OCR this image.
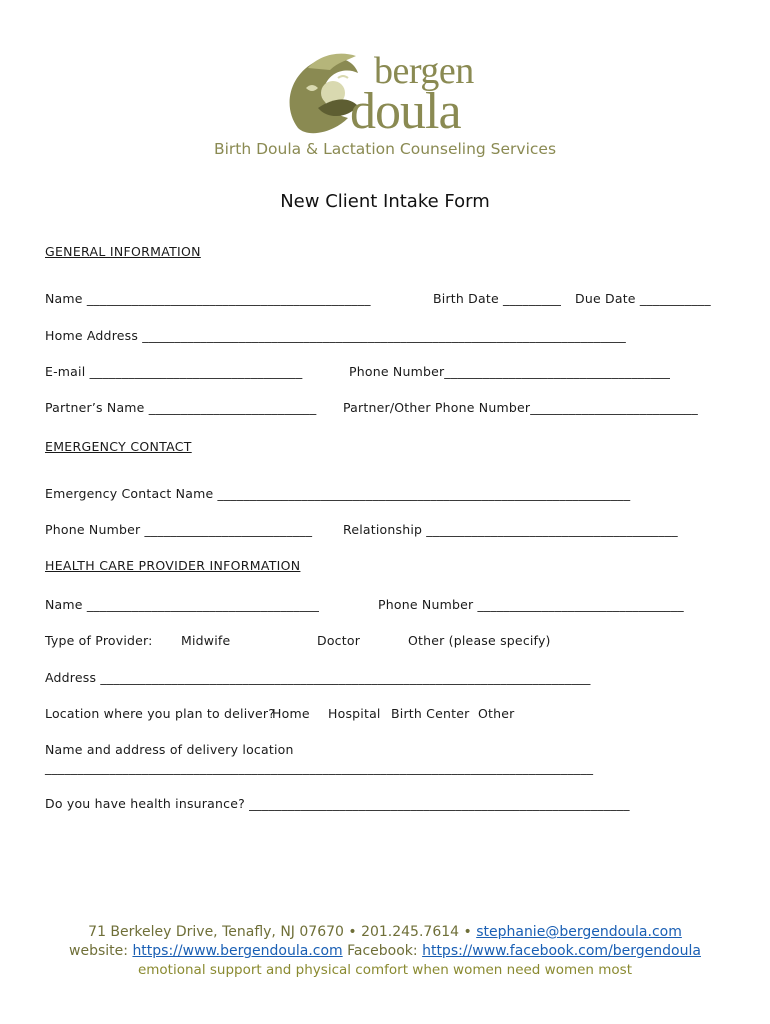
bergen
doula
Birth Doula & Lactation Counseling Services
New Client Intake Form
GENERAL INFORMATION
Name ____________________________________________	Birth Date _________ Due Date ___________
Home Address ___________________________________________________________________________
E-mail _________________________________	Phone Number___________________________________
Partner’s Name __________________________ Partner/Other Phone Number__________________________
EMERGENCY CONTACT
Emergency Contact Name ________________________________________________________________
Phone Number __________________________ Relationship _______________________________________
HEALTH CARE PROVIDER INFORMATION
Name ____________________________________	Phone Number ________________________________
Type of Provider: Midwife	Doctor	Other (please specify)
Address ____________________________________________________________________________
Location where you plan to deliver?
Home Hospital Birth Center Other
Name and address of delivery location
_____________________________________________________________________________________
Do you have health insurance? ___________________________________________________________
71 Berkeley Drive, Tenafly, NJ 07670 • 201.245.7614 • stephanie@bergendoula.com
website: https://www.bergendoula.com Facebook: https://www.facebook.com/bergendoula
emotional support and physical comfort when women need women most
